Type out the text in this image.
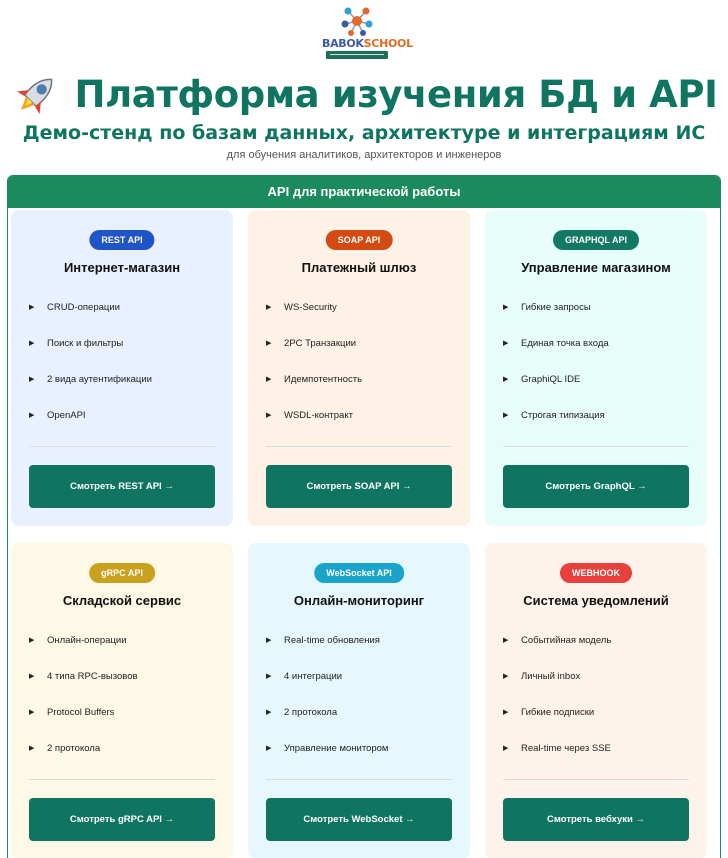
BABOKSCHOOL
Платформа изучения БД и API
Демо-стенд по базам данных, архитектуре и интеграциям ИС
для обучения аналитиков, архитекторов и инженеров
API для практической работы
REST API
Интернет-магазин
▶	CRUD-операции
▶	Поиск и фильтры
▶	2 вида аутентификации
▶	OpenAPI
Смотреть REST API →
SOAP API
Платежный шлюз
▶	WS-Security
▶	2PC Транзакции
▶	Идемпотентность
▶	WSDL-контракт
Смотреть SOAP API →
GRAPHQL API
Управление магазином
▶	Гибкие запросы
▶	Единая точка входа
▶	GraphiQL IDE
▶	Строгая типизация
Смотреть GraphQL →
gRPC API
Складской сервис
▶	Онлайн-операции
▶	4 типа RPC-вызовов
▶	Protocol Buffers
▶	2 протокола
Смотреть gRPC API →
WebSocket API
Онлайн-мониторинг
▶	Real-time обновления
▶	4 интеграции
▶	2 протокола
▶	Управление монитором
Смотреть WebSocket →
WEBHOOK
Система уведомлений
▶	Событийная модель
▶	Личный inbox
▶	Гибкие подписки
▶	Real-time через SSE
Смотреть вебхуки →
